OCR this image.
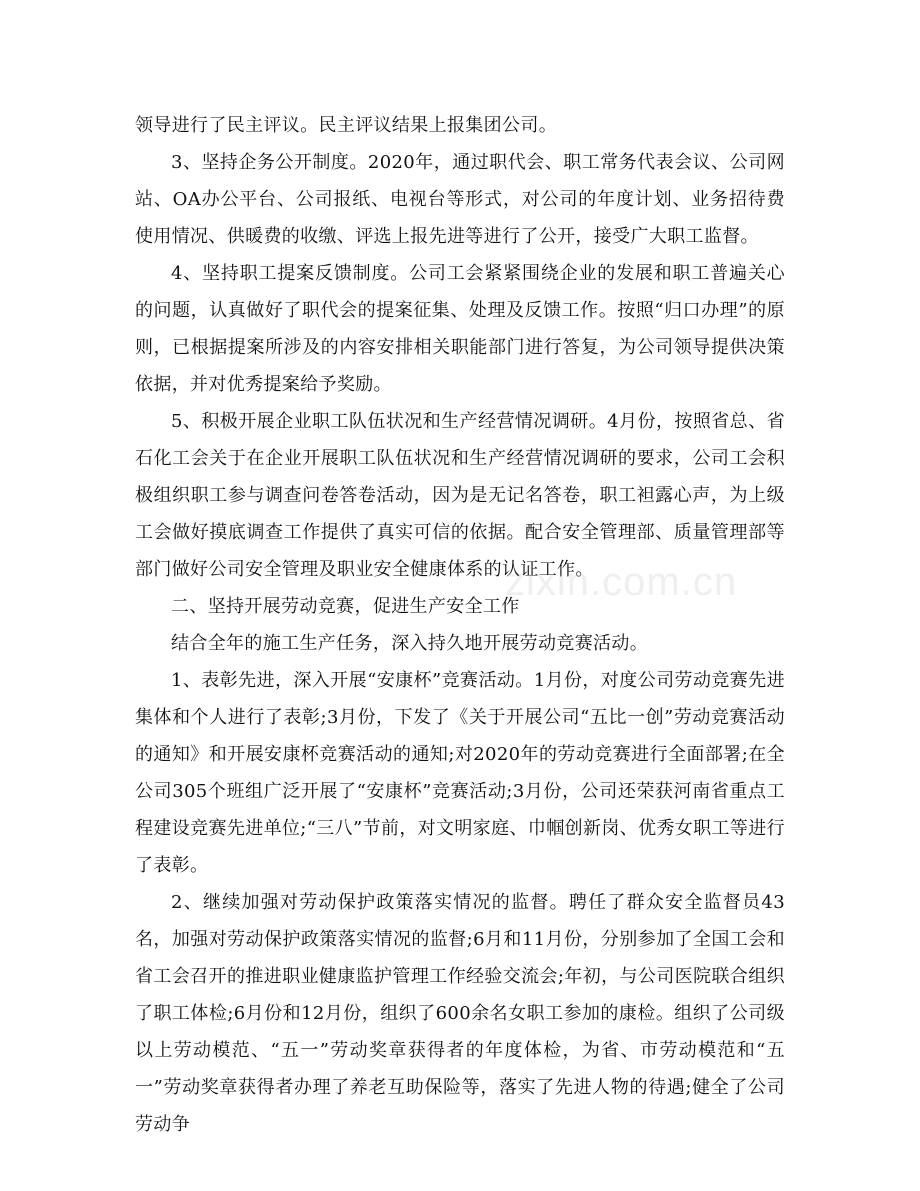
领导进行了民主评议。民主评议结果上报集团公司。

3、坚持企务公开制度。2020年，通过职代会、职工常务代表会议、公司网站、OA办公平台、公司报纸、电视台等形式，对公司的年度计划、业务招待费使用情况、供暖费的收缴、评选上报先进等进行了公开，接受广大职工监督。

4、坚持职工提案反馈制度。公司工会紧紧围绕企业的发展和职工普遍关心的问题，认真做好了职代会的提案征集、处理及反馈工作。按照“归口办理”的原则，已根据提案所涉及的内容安排相关职能部门进行答复，为公司领导提供决策依据，并对优秀提案给予奖励。

5、积极开展企业职工队伍状况和生产经营情况调研。4月份，按照省总、省石化工会关于在企业开展职工队伍状况和生产经营情况调研的要求，公司工会积极组织职工参与调查问卷答卷活动，因为是无记名答卷，职工袒露心声，为上级工会做好摸底调查工作提供了真实可信的依据。配合安全管理部、质量管理部等部门做好公司安全管理及职业安全健康体系的认证工作。

二、坚持开展劳动竞赛，促进生产安全工作

结合全年的施工生产任务，深入持久地开展劳动竞赛活动。

1、表彰先进，深入开展“安康杯”竞赛活动。1月份，对度公司劳动竞赛先进集体和个人进行了表彰;3月份，下发了《关于开展公司“五比一创”劳动竞赛活动的通知》和开展安康杯竞赛活动的通知;对2020年的劳动竞赛进行全面部署;在全公司305个班组广泛开展了“安康杯”竞赛活动;3月份，公司还荣获河南省重点工程建设竞赛先进单位;“三八”节前，对文明家庭、巾帼创新岗、优秀女职工等进行了表彰。

2、继续加强对劳动保护政策落实情况的监督。聘任了群众安全监督员43名，加强对劳动保护政策落实情况的监督;6月和11月份，分别参加了全国工会和省工会召开的推进职业健康监护管理工作经验交流会;年初，与公司医院联合组织了职工体检;6月份和12月份，组织了600余名女职工参加的康检。组织了公司级以上劳动模范、“五一”劳动奖章获得者的年度体检，为省、市劳动模范和“五一”劳动奖章获得者办理了养老互助保险等，落实了先进人物的待遇;健全了公司劳动争

zixin.com.cn
